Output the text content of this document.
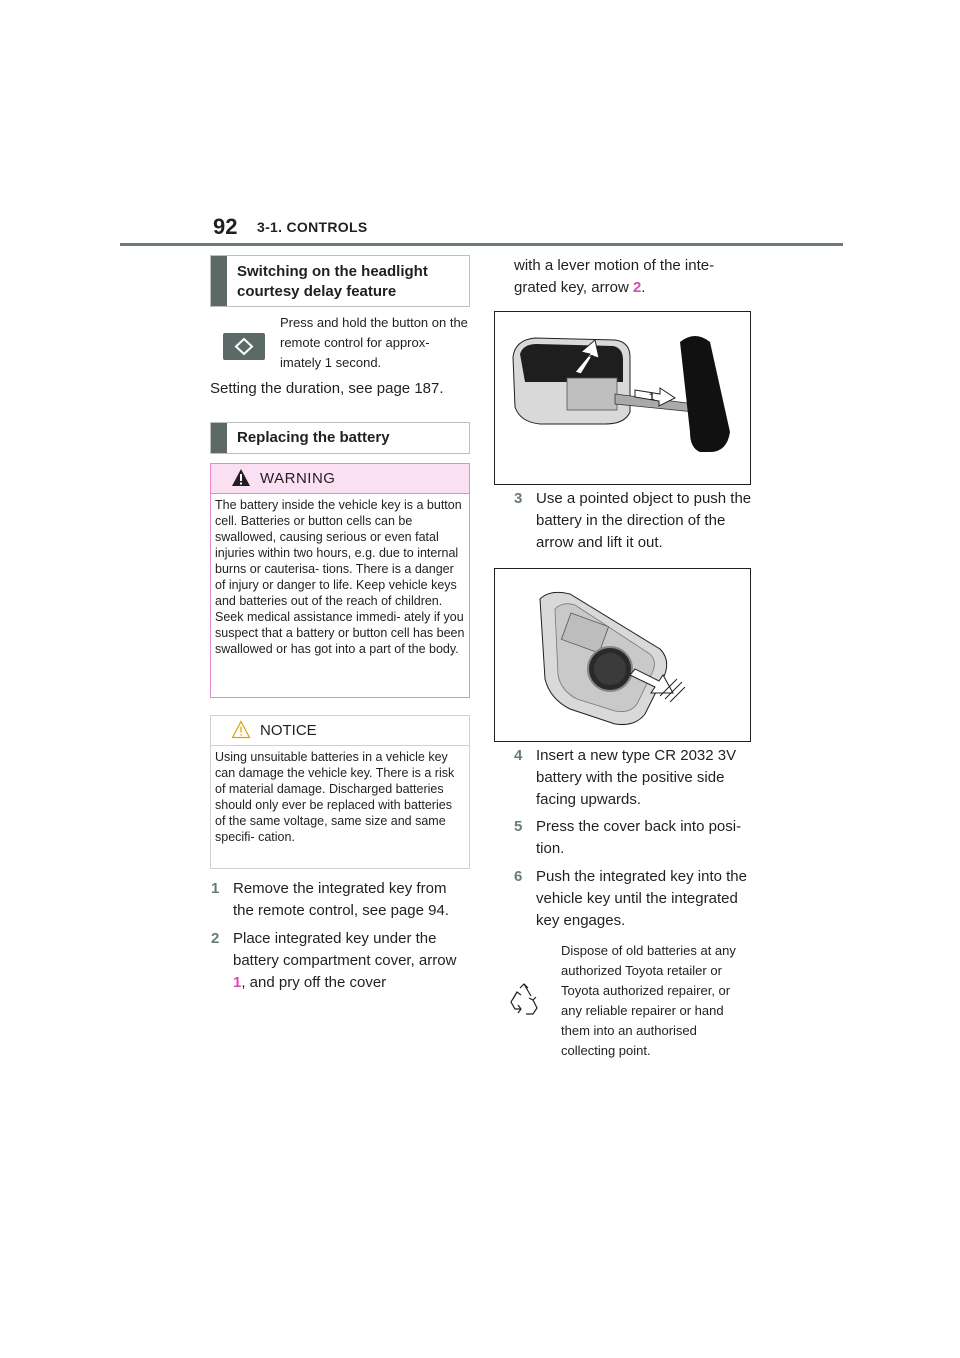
92 3-1. CONTROLS
Switching on the headlight courtesy delay feature
Press and hold the button on the remote control for approx- imately 1 second.
Setting the duration, see page 187.
Replacing the battery
WARNING
The battery inside the vehicle key is a button cell. Batteries or button cells can be swallowed, causing serious or even fatal injuries within two hours, e.g. due to internal burns or cauterisa- tions. There is a danger of injury or danger to life. Keep vehicle keys and batteries out of the reach of children. Seek medical assistance immedi- ately if you suspect that a battery or button cell has been swallowed or has got into a part of the body.
NOTICE
Using unsuitable batteries in a vehicle key can damage the vehicle key. There is a risk of material damage. Discharged batteries should only ever be replaced with batteries of the same voltage, same size and same specifi- cation.
1 Remove the integrated key from the remote control, see page 94.
2 Place integrated key under the battery compartment cover, arrow 1, and pry off the cover
with a lever motion of the inte- grated key, arrow 2.
2
1
3 Use a pointed object to push the battery in the direction of the arrow and lift it out.
4 Insert a new type CR 2032 3V battery with the positive side facing upwards.
5 Press the cover back into posi- tion.
6 Push the integrated key into the vehicle key until the integrated key engages.
Dispose of old batteries at any authorized Toyota retailer or Toyota authorized repairer, or any reliable repairer or hand them into an authorised collecting point.
